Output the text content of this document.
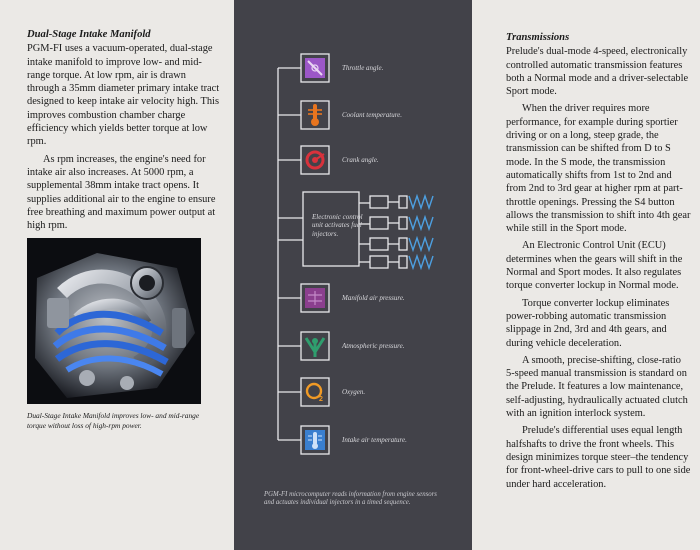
Dual-Stage Intake Manifold

PGM-FI uses a vacuum-operated, dual-stage intake manifold to improve low- and mid-range torque. At low rpm, air is drawn through a 35mm diameter primary intake tract designed to keep intake air velocity high. This improves combustion chamber charge efficiency which yields better torque at low rpm.

As rpm increases, the engine's need for intake air also increases. At 5000 rpm, a supplemental 38mm intake tract opens. It supplies additional air to the engine to ensure free breathing and maximum power output at high rpm.

Dual-Stage Intake Manifold improves low- and mid-range torque without loss of high-rpm power.
2
Throttle angle.
Coolant temperature.
Crank angle.
Manifold air pressure.
Atmospheric pressure.
Oxygen.
Intake air temperature.
Electronic control unit activates fuel injectors.
PGM-FI microcomputer reads information from engine sensors and actuates individual injectors in a timed sequence.
Transmissions

Prelude's dual-mode 4-speed, electronically controlled automatic transmission features both a Normal mode and a driver-selectable Sport mode.

When the driver requires more performance, for example during sportier driving or on a long, steep grade, the transmission can be shifted from D to S mode. In the S mode, the transmission automatically shifts from 1st to 2nd and from 2nd to 3rd gear at higher rpm at part-throttle openings. Pressing the S4 button allows the transmission to shift into 4th gear while still in the Sport mode.

An Electronic Control Unit (ECU) determines when the gears will shift in the Normal and Sport modes. It also regulates torque converter lockup in Normal mode.

Torque converter lockup eliminates power-robbing automatic transmission slippage in 2nd, 3rd and 4th gears, and during vehicle deceleration.

A smooth, precise-shifting, close-ratio 5-speed manual transmission is standard on the Prelude. It features a low maintenance, self-adjusting, hydraulically actuated clutch with an ignition interlock system.

Prelude's differential uses equal length halfshafts to drive the front wheels. This design minimizes torque steer–the tendency for front-wheel-drive cars to pull to one side under hard acceleration.
